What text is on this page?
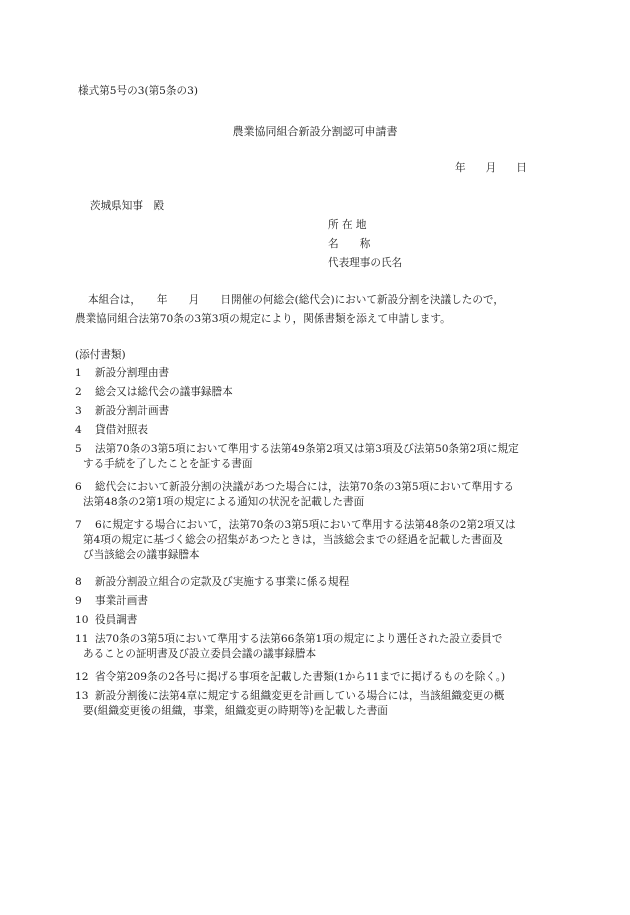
様式第5号の3(第5条の3)
農業協同組合新設分割認可申請書
年 月 日
茨城県知事　殿
所 在 地
名　　称
代表理事の氏名

本組合は，　　年　　月　　日開催の何総会(総代会)において新設分割を決議したので，

農業協同組合法第70条の3第3項の規定により，関係書類を添えて申請します。

(添付書類)
1 新設分割理由書
2 総会又は総代会の議事録謄本
3 新設分割計画書
4 貸借対照表
5 法第70条の3第5項において準用する法第49条第2項又は第3項及び法第50条第2項に規定
する手続を了したことを証する書面
6 総代会において新設分割の決議があつた場合には，法第70条の3第5項において準用する
法第48条の2第1項の規定による通知の状況を記載した書面
7 6に規定する場合において，法第70条の3第5項において準用する法第48条の2第2項又は
第4項の規定に基づく総会の招集があつたときは，当該総会までの経過を記載した書面及
び当該総会の議事録謄本
8 新設分割設立組合の定款及び実施する事業に係る規程
9 事業計画書
10 役員調書
11 法70条の3第5項において準用する法第66条第1項の規定により選任された設立委員で
あることの証明書及び設立委員会議の議事録謄本
12 省令第209条の2各号に掲げる事項を記載した書類(1から11までに掲げるものを除く。)
13 新設分割後に法第4章に規定する組織変更を計画している場合には，当該組織変更の概
要(組織変更後の組織，事業，組織変更の時期等)を記載した書面
